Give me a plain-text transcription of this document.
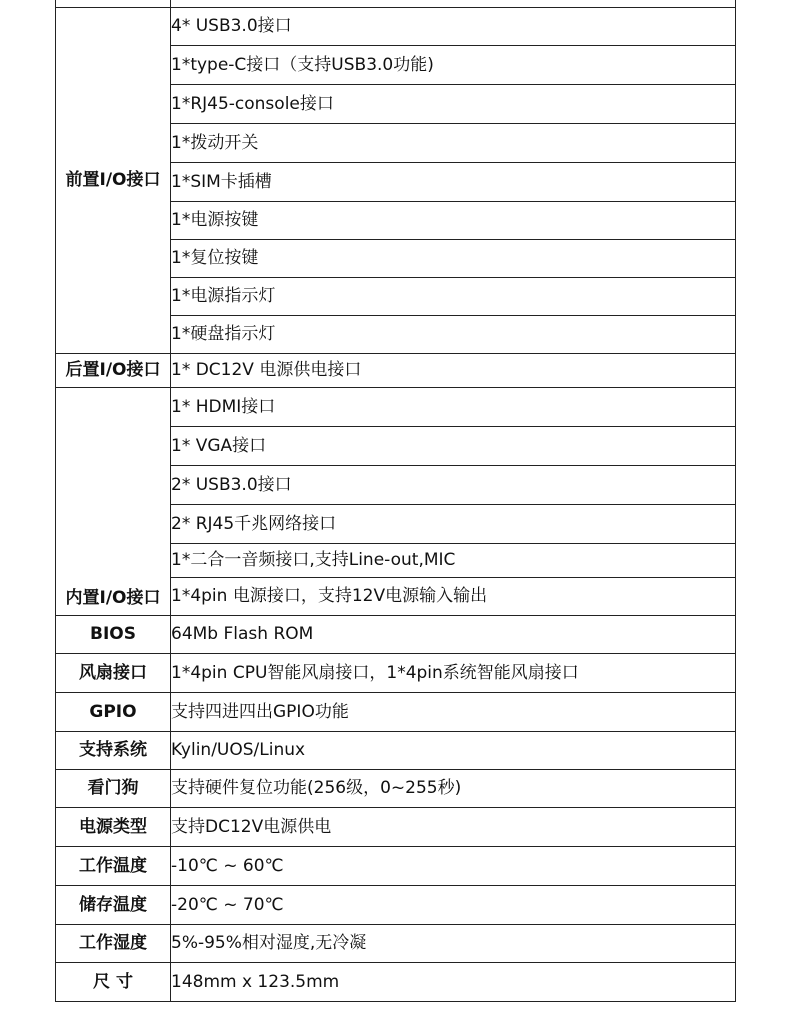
前置I/O接口	4* USB3.0接口
	1*type-C接口（支持USB3.0功能)
	1*RJ45-console接口
	1*拨动开关
	1*SIM卡插槽
	1*电源按键
	1*复位按键
	1*电源指示灯
	1*硬盘指示灯
后置I/O接口	1* DC12V 电源供电接口
内置I/O接口	1* HDMI接口
	1* VGA接口
	2* USB3.0接口
	2* RJ45千兆网络接口
	1*二合一音频接口,支持Line-out,MIC
	1*4pin 电源接口，支持12V电源输入输出
BIOS	64Mb Flash ROM
风扇接口	1*4pin CPU智能风扇接口，1*4pin系统智能风扇接口
GPIO	支持四进四出GPIO功能
支持系统	Kylin/UOS/Linux
看门狗	支持硬件复位功能(256级，0~255秒)
电源类型	支持DC12V电源供电
工作温度	-10℃ ~ 60℃
储存温度	-20℃ ~ 70℃
工作湿度	5%-95%相对湿度,无冷凝
尺 寸	148mm x 123.5mm
